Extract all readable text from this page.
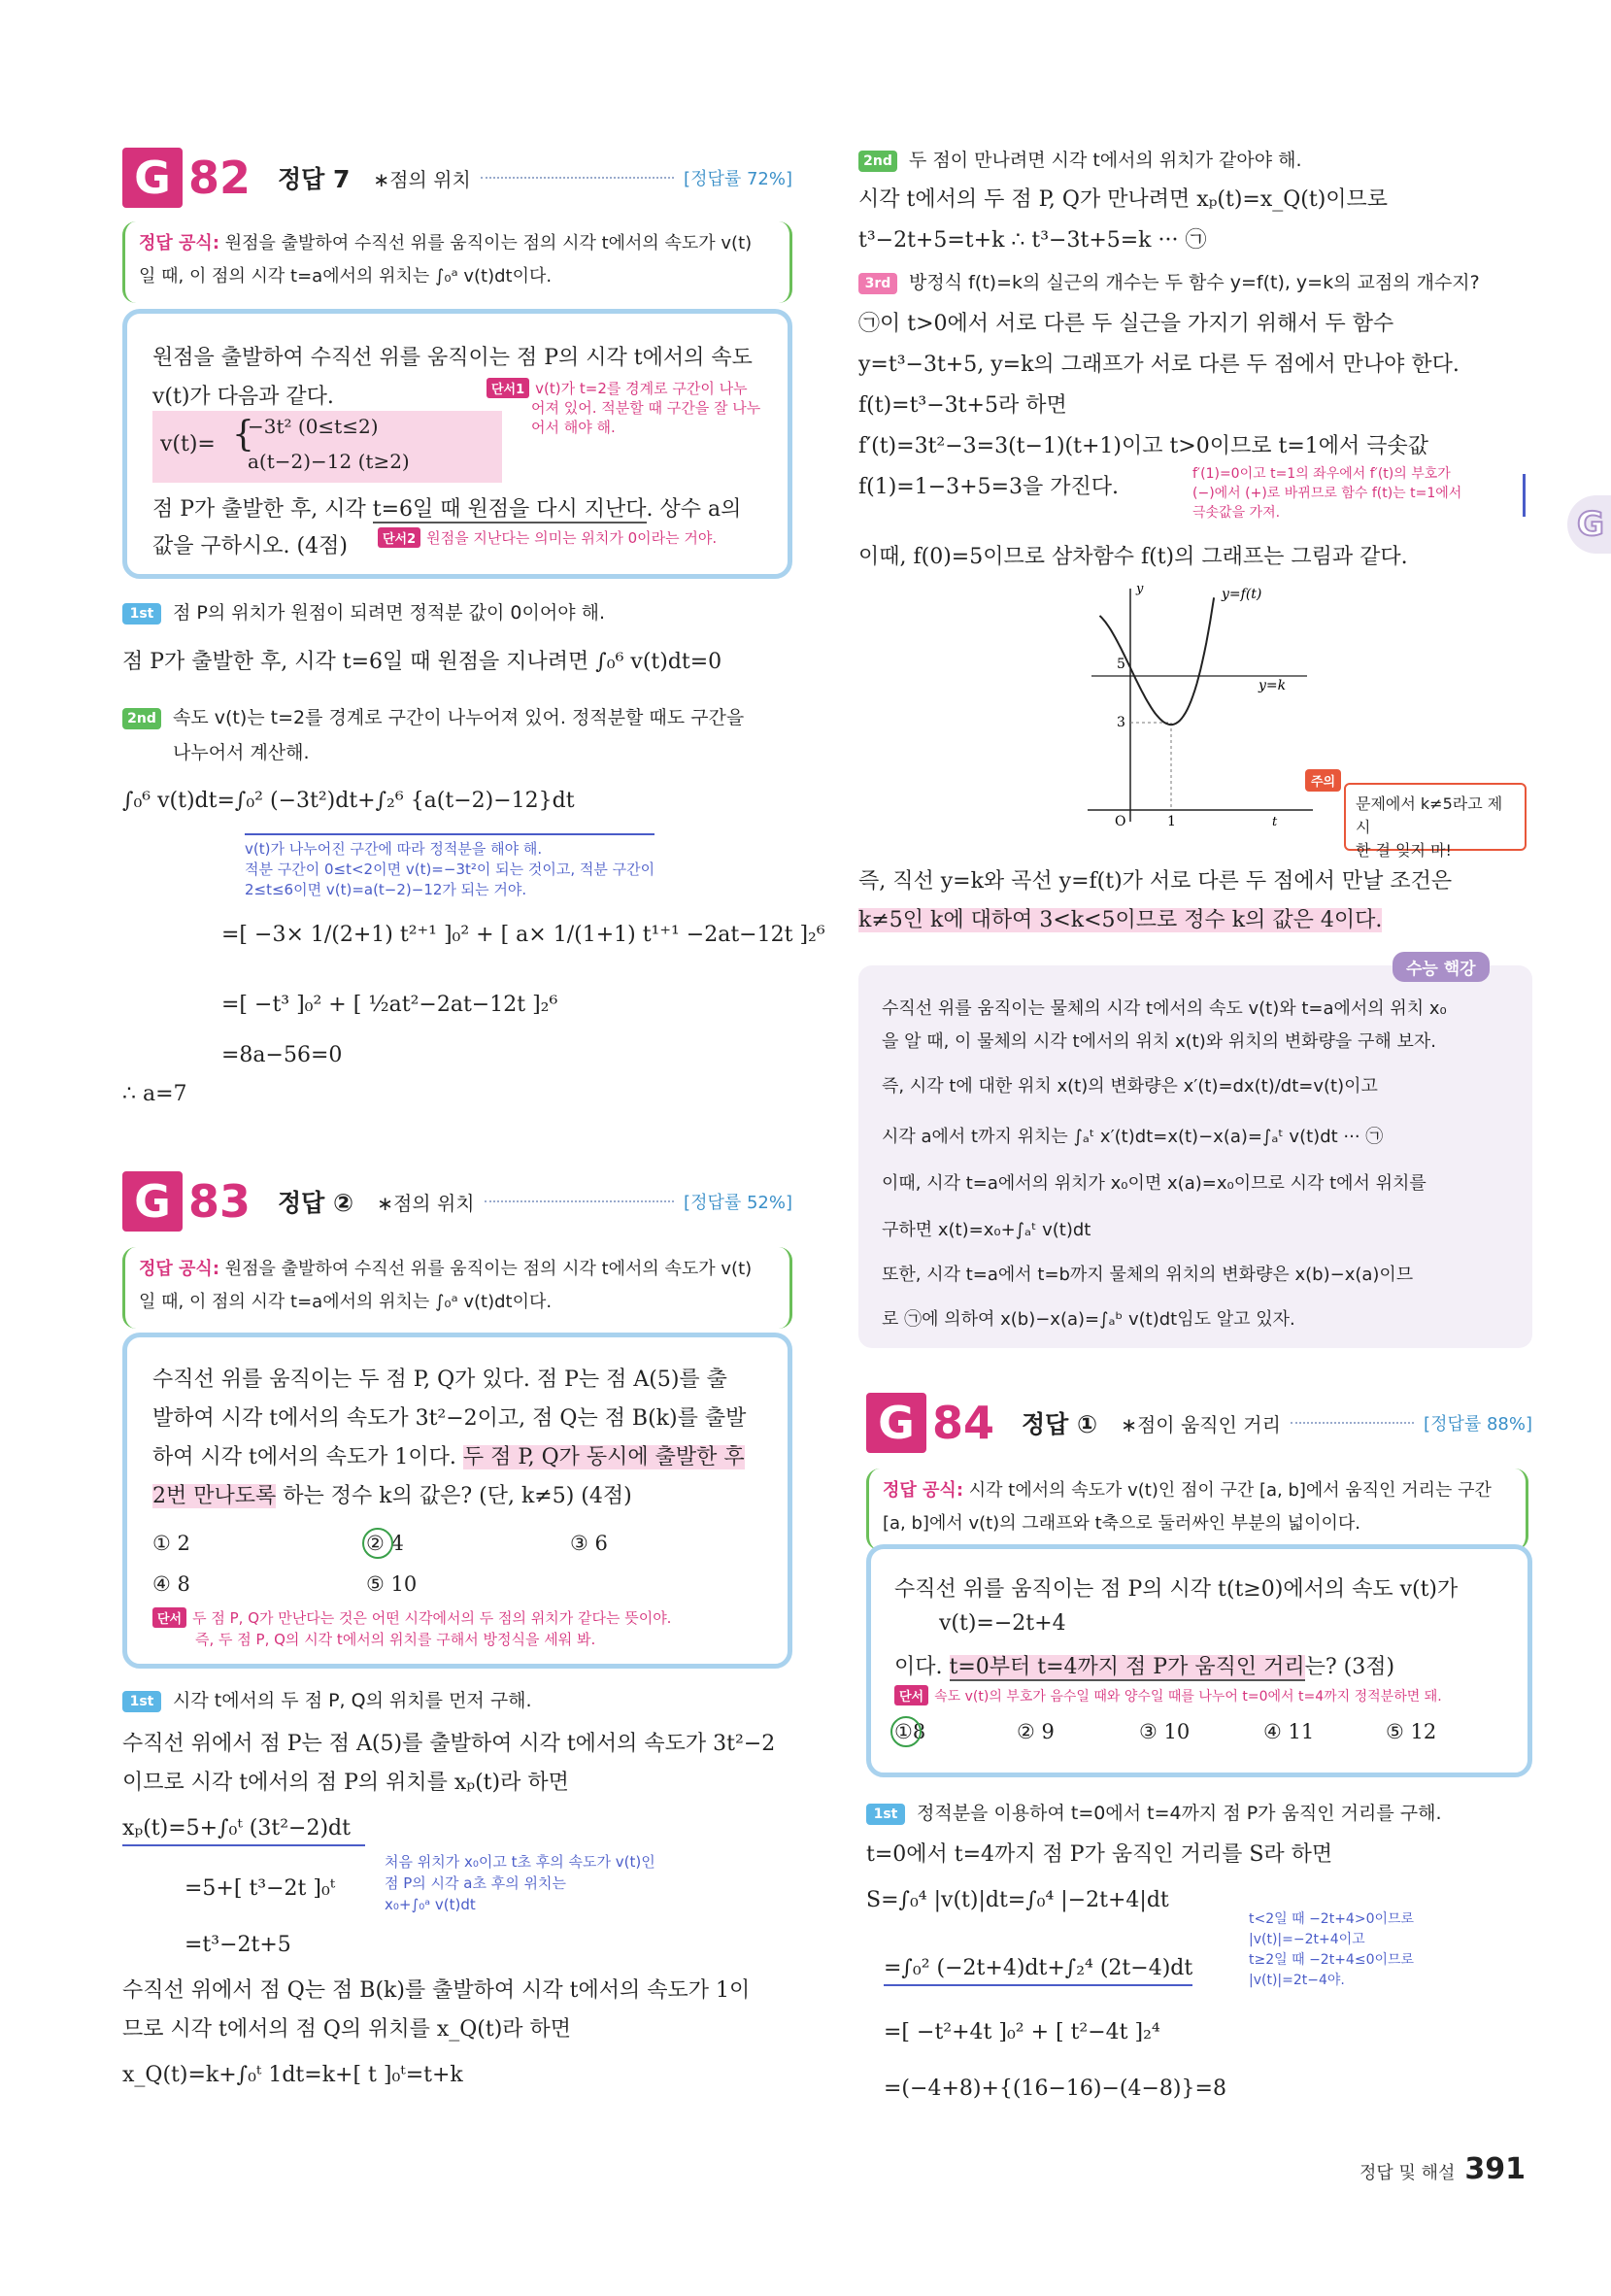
G 82 정답 7 ∗점의 위치	[정답률 72%]
정답 공식: 원점을 출발하여 수직선 위를 움직이는 점의 시각 t에서의 속도가 v(t)
일 때, 이 점의 시각 t=a에서의 위치는 ∫₀ᵃ v(t)dt이다.
원점을 출발하여 수직선 위를 움직이는 점 P의 시각 t에서의 속도
v(t)가 다음과 같다.
v(t)= {
−3t² (0≤t≤2)
a(t−2)−12 (t≥2)
단서1 v(t)가 t=2를 경계로 구간이 나누
어져 있어. 적분할 때 구간을 잘 나누
어서 해야 해.
점 P가 출발한 후, 시각 t=6일 때 원점을 다시 지난다. 상수 a의
값을 구하시오. (4점)	단서2 원점을 지난다는 의미는 위치가 0이라는 거야.
1st 점 P의 위치가 원점이 되려면 정적분 값이 0이어야 해.
점 P가 출발한 후, 시각 t=6일 때 원점을 지나려면 ∫₀⁶ v(t)dt=0
2nd 속도 v(t)는 t=2를 경계로 구간이 나누어져 있어. 정적분할 때도 구간을
나누어서 계산해.
∫₀⁶ v(t)dt=∫₀² (−3t²)dt+∫₂⁶ {a(t−2)−12}dt
v(t)가 나누어진 구간에 따라 정적분을 해야 해.
적분 구간이 0≤t<2이면 v(t)=−3t²이 되는 것이고, 적분 구간이
2≤t≤6이면 v(t)=a(t−2)−12가 되는 거야.
=[ −3× 1/(2+1) t²⁺¹ ]₀² + [ a× 1/(1+1) t¹⁺¹ −2at−12t ]₂⁶
=[ −t³ ]₀² + [ ½at²−2at−12t ]₂⁶
=8a−56=0
∴ a=7
G 83 정답 ② ∗점의 위치	[정답률 52%]
정답 공식: 원점을 출발하여 수직선 위를 움직이는 점의 시각 t에서의 속도가 v(t)
일 때, 이 점의 시각 t=a에서의 위치는 ∫₀ᵃ v(t)dt이다.
수직선 위를 움직이는 두 점 P, Q가 있다. 점 P는 점 A(5)를 출
발하여 시각 t에서의 속도가 3t²−2이고, 점 Q는 점 B(k)를 출발
하여 시각 t에서의 속도가 1이다. 두 점 P, Q가 동시에 출발한 후
2번 만나도록 하는 정수 k의 값은? (단, k≠5) (4점)
① 2	② 4	③ 6
④ 8	⑤ 10
단서 두 점 P, Q가 만난다는 것은 어떤 시각에서의 두 점의 위치가 같다는 뜻이야.
즉, 두 점 P, Q의 시각 t에서의 위치를 구해서 방정식을 세워 봐.
1st 시각 t에서의 두 점 P, Q의 위치를 먼저 구해.
수직선 위에서 점 P는 점 A(5)를 출발하여 시각 t에서의 속도가 3t²−2
이므로 시각 t에서의 점 P의 위치를 xₚ(t)라 하면
xₚ(t)=5+∫₀ᵗ (3t²−2)dt
처음 위치가 x₀이고 t초 후의 속도가 v(t)인
점 P의 시각 a초 후의 위치는
x₀+∫₀ᵃ v(t)dt
=5+[ t³−2t ]₀ᵗ
=t³−2t+5
수직선 위에서 점 Q는 점 B(k)를 출발하여 시각 t에서의 속도가 1이
므로 시각 t에서의 점 Q의 위치를 x_Q(t)라 하면
x_Q(t)=k+∫₀ᵗ 1dt=k+[ t ]₀ᵗ=t+k
2nd 두 점이 만나려면 시각 t에서의 위치가 같아야 해.
시각 t에서의 두 점 P, Q가 만나려면 xₚ(t)=x_Q(t)이므로
t³−2t+5=t+k ∴ t³−3t+5=k ··· ㉠
3rd 방정식 f(t)=k의 실근의 개수는 두 함수 y=f(t), y=k의 교점의 개수지?
㉠이 t>0에서 서로 다른 두 실근을 가지기 위해서 두 함수
y=t³−3t+5, y=k의 그래프가 서로 다른 두 점에서 만나야 한다.
f(t)=t³−3t+5라 하면
f′(t)=3t²−3=3(t−1)(t+1)이고 t>0이므로 t=1에서 극솟값
f(1)=1−3+5=3을 가진다.
f′(1)=0이고 t=1의 좌우에서 f′(t)의 부호가
(−)에서 (+)로 바뀌므로 함수 f(t)는 t=1에서
극솟값을 가져.
이때, f(0)=5이므로 삼차함수 f(t)의 그래프는 그림과 같다.
G
y	y=f(t)
y=k
5
3
O	1	t
문제에서 k≠5라고 제시
한 걸 잊지 마!
주의
즉, 직선 y=k와 곡선 y=f(t)가 서로 다른 두 점에서 만날 조건은
k≠5인 k에 대하여 3<k<5이므로 정수 k의 값은 4이다.
수능 핵강
수직선 위를 움직이는 물체의 시각 t에서의 속도 v(t)와 t=a에서의 위치 x₀
을 알 때, 이 물체의 시각 t에서의 위치 x(t)와 위치의 변화량을 구해 보자.
즉, 시각 t에 대한 위치 x(t)의 변화량은 x′(t)=dx(t)/dt=v(t)이고
시각 a에서 t까지 위치는 ∫ₐᵗ x′(t)dt=x(t)−x(a)=∫ₐᵗ v(t)dt ··· ㉠
이때, 시각 t=a에서의 위치가 x₀이면 x(a)=x₀이므로 시각 t에서 위치를
구하면 x(t)=x₀+∫ₐᵗ v(t)dt
또한, 시각 t=a에서 t=b까지 물체의 위치의 변화량은 x(b)−x(a)이므
로 ㉠에 의하여 x(b)−x(a)=∫ₐᵇ v(t)dt임도 알고 있자.
G 84 정답 ① ∗점이 움직인 거리	[정답률 88%]
정답 공식: 시각 t에서의 속도가 v(t)인 점이 구간 [a, b]에서 움직인 거리는 구간
[a, b]에서 v(t)의 그래프와 t축으로 둘러싸인 부분의 넓이이다.
수직선 위를 움직이는 점 P의 시각 t(t≥0)에서의 속도 v(t)가
v(t)=−2t+4
이다. t=0부터 t=4까지 점 P가 움직인 거리는? (3점)
단서 속도 v(t)의 부호가 음수일 때와 양수일 때를 나누어 t=0에서 t=4까지 정적분하면 돼.
①8	② 9	③ 10	④ 11	⑤ 12
1st 정적분을 이용하여 t=0에서 t=4까지 점 P가 움직인 거리를 구해.
t=0에서 t=4까지 점 P가 움직인 거리를 S라 하면
S=∫₀⁴ |v(t)|dt=∫₀⁴ |−2t+4|dt
=∫₀² (−2t+4)dt+∫₂⁴ (2t−4)dt
t<2일 때 −2t+4>0이므로
|v(t)|=−2t+4이고
t≥2일 때 −2t+4≤0이므로
|v(t)|=2t−4야.
=[ −t²+4t ]₀² + [ t²−4t ]₂⁴
=(−4+8)+{(16−16)−(4−8)}=8
정답 및 해설 391
